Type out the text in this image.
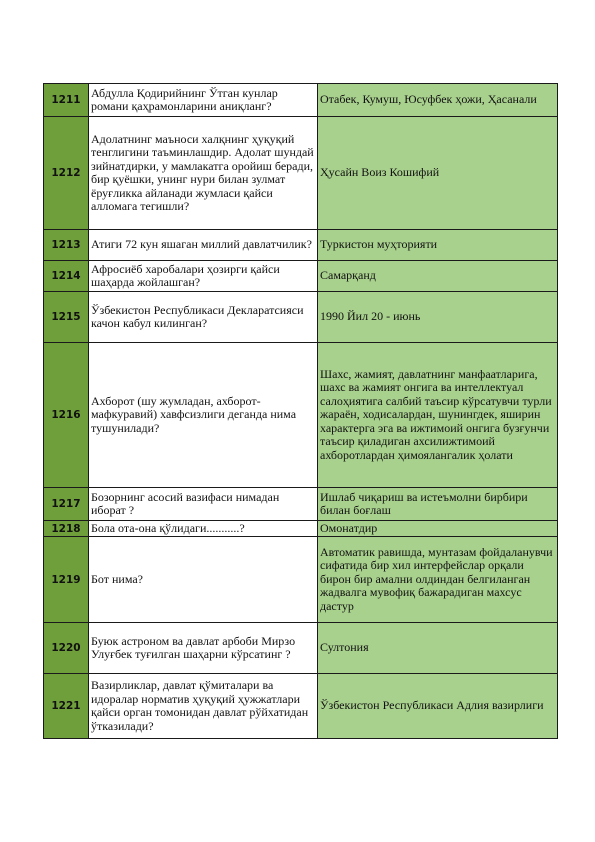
1211	Абдулла Қодирийнинг Ўтган кунлар романи қаҳрамонларини аниқланг?	Отабек, Кумуш, Юсуфбек ҳожи, Ҳасанали
1212	Адолатнинг маъноси халқнинг ҳуқуқий тенглигини таъминлашдир. Адолат шундай зийнатдирки, у мамлакатга оройиш беради, бир қуёшки, унинг нури билан зулмат ёруғликка айланади жумласи қайси алломага тегишли?	Ҳусайн Воиз Кошифий
1213	Атиги 72 кун яшаган миллий давлатчилик?	Туркистон муҳторияти
1214	Афросиёб харобалари ҳозирги қайси шаҳарда жойлашган?	Самарқанд
1215	Ўзбекистон Республикаси Декларатсияси качон кабул килинган?	1990 Йил 20 - июнь
1216	Ахборот (шу жумладан, ахборот-мафкуравий) хавфсизлиги деганда нима тушунилади?	Шахс, жамият, давлатнинг манфаатларига, шахс ва жамият онгига ва интеллектуал салоҳиятига салбий таъсир кўрсатувчи турли жараён, ходисалардан, шунингдек, яширин характерга эга ва ижтимоий онгига бузғунчи таъсир қиладиган ахсилижтимоий ахборотлардан ҳимоялангалик ҳолати
1217	Бозорнинг асосий вазифаси нимадан иборат ?	Ишлаб чиқариш ва истеъмолни бирбири билан боғлаш
1218	Бола ота-она қўлидаги...........?	Омонатдир
1219	Бот нима?	Автоматик равишда, мунтазам фойдаланувчи сифатида бир хил интерфейслар орқали бирон бир амални олдиндан белгиланган жадвалга мувофиқ бажарадиган махсус дастур
1220	Буюк астроном ва давлат арбоби Мирзо Улуғбек туғилган шаҳарни кўрсатинг ?	Султония
1221	Вазирликлар, давлат қўмиталари ва идоралар норматив ҳуқуқий ҳужжатлари қайси орган томонидан давлат рўйхатидан ўтказилади?	Ўзбекистон Республикаси Адлия вазирлиги
